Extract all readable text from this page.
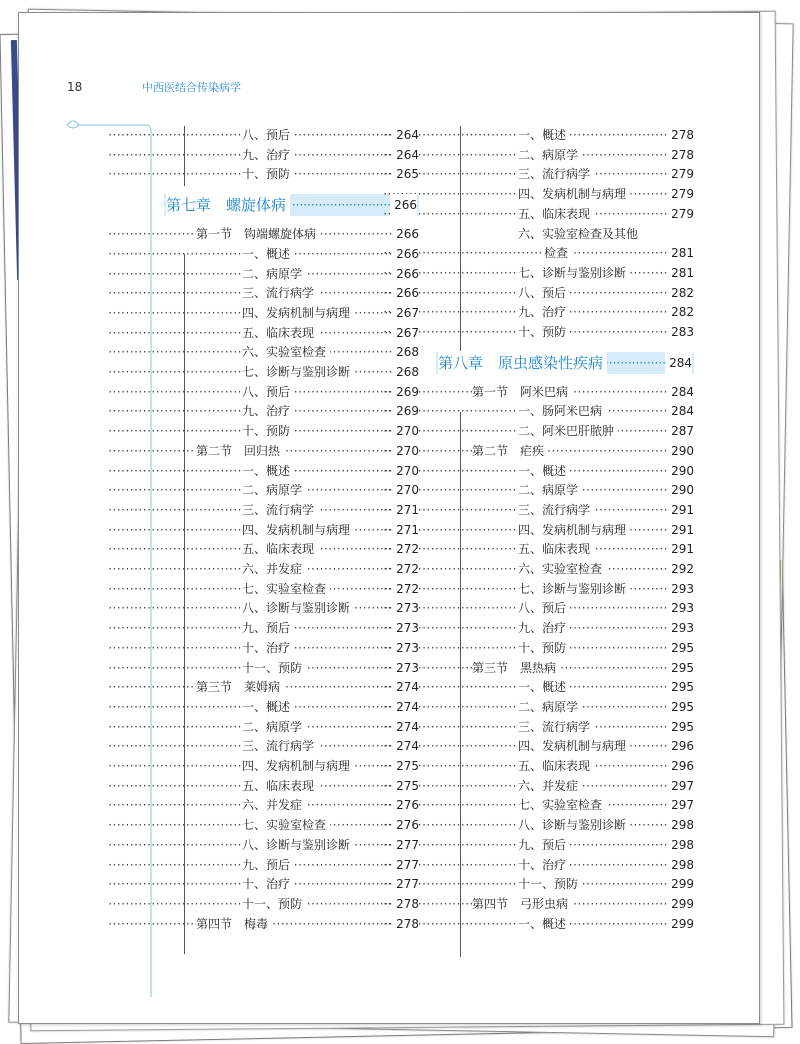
18	中西医结合传染病学
八、预后	264
九、治疗	264
十、预防	265
第七章　螺旋体病	266
第一节　钩端螺旋体病	266
一、概述	266
二、病原学	266
三、流行病学	266
四、发病机制与病理	267
五、临床表现	267
六、实验室检查	268
七、诊断与鉴别诊断	268
八、预后	269
九、治疗	269
十、预防	270
第二节　回归热	270
一、概述	270
二、病原学	270
三、流行病学	271
四、发病机制与病理	271
五、临床表现	272
六、并发症	272
七、实验室检查	272
八、诊断与鉴别诊断	273
九、预后	273
十、治疗	273
十一、预防	273
第三节　莱姆病	274
一、概述	274
二、病原学	274
三、流行病学	274
四、发病机制与病理	275
五、临床表现	275
六、并发症	276
七、实验室检查	276
八、诊断与鉴别诊断	277
九、预后	277
十、治疗	277
十一、预防	278
第四节　梅毒	278
一、概述	278
二、病原学	278
三、流行病学	279
四、发病机制与病理	279
五、临床表现	279
六、实验室检查及其他
检查	281
七、诊断与鉴别诊断	281
八、预后	282
九、治疗	282
十、预防	283
第八章　原虫感染性疾病	284
第一节　阿米巴病	284
一、肠阿米巴病	284
二、阿米巴肝脓肿	287
第二节　疟疾	290
一、概述	290
二、病原学	290
三、流行病学	291
四、发病机制与病理	291
五、临床表现	291
六、实验室检查	292
七、诊断与鉴别诊断	293
八、预后	293
九、治疗	293
十、预防	295
第三节　黑热病	295
一、概述	295
二、病原学	295
三、流行病学	295
四、发病机制与病理	296
五、临床表现	296
六、并发症	297
七、实验室检查	297
八、诊断与鉴别诊断	298
九、预后	298
十、治疗	298
十一、预防	299
第四节　弓形虫病	299
一、概述	299
